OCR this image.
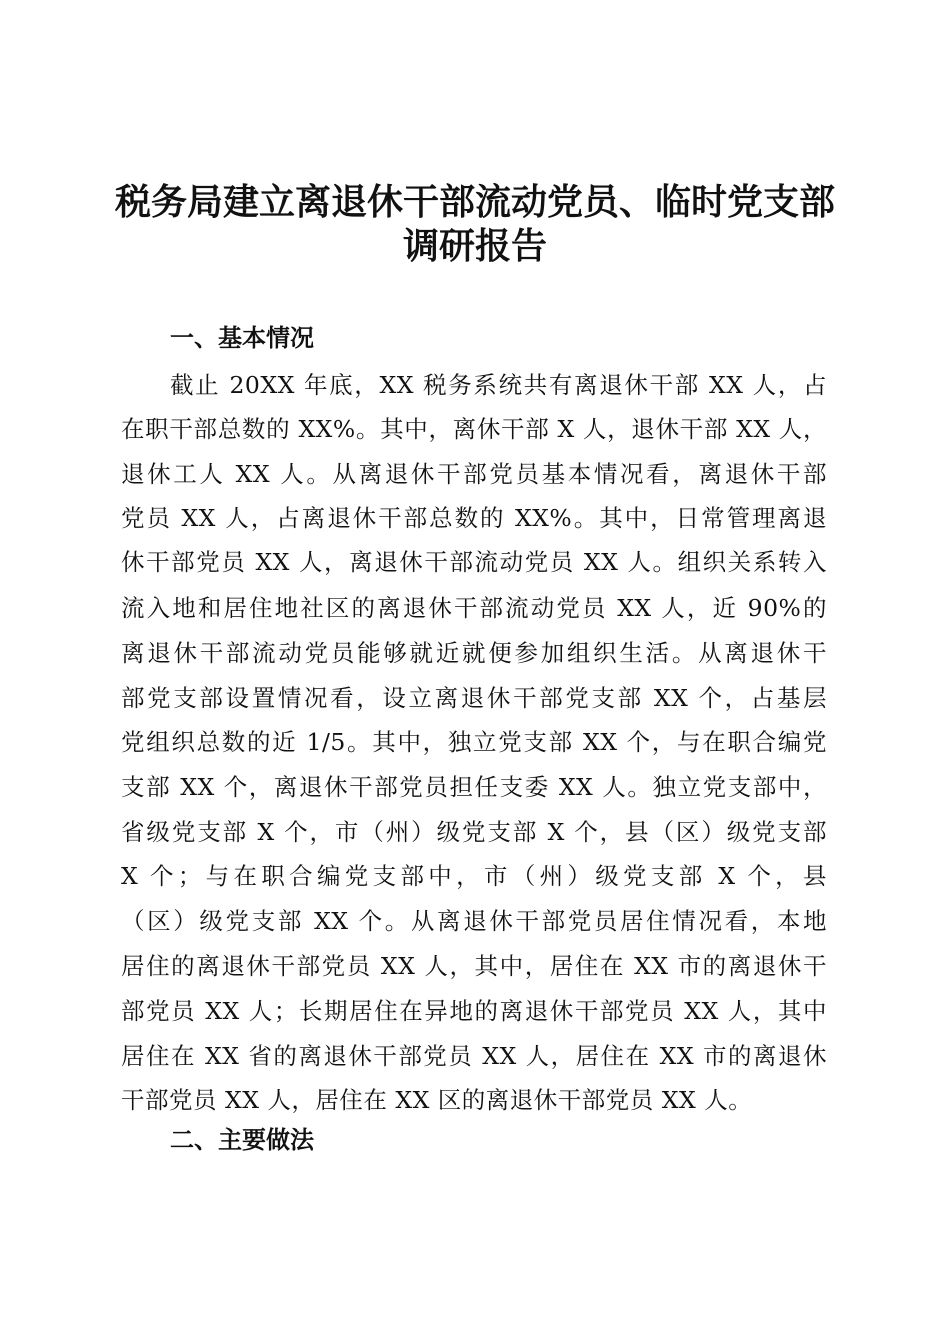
税务局建立离退休干部流动党员、临时党支部
调研报告
一、基本情况

截止 20XX 年底，XX 税务系统共有离退休干部 XX 人，占

在职干部总数的 XX%。其中，离休干部 X 人，退休干部 XX 人，

退休工人 XX 人。从离退休干部党员基本情况看，离退休干部

党员 XX 人，占离退休干部总数的 XX%。其中，日常管理离退

休干部党员 XX 人，离退休干部流动党员 XX 人。组织关系转入

流入地和居住地社区的离退休干部流动党员 XX 人，近 90%的

离退休干部流动党员能够就近就便参加组织生活。从离退休干

部党支部设置情况看，设立离退休干部党支部 XX 个，占基层

党组织总数的近 1/5。其中，独立党支部 XX 个，与在职合编党

支部 XX 个，离退休干部党员担任支委 XX 人。独立党支部中，

省级党支部 X 个，市（州）级党支部 X 个，县（区）级党支部

X 个；与在职合编党支部中，市（州）级党支部 X 个，县

（区）级党支部 XX 个。从离退休干部党员居住情况看，本地

居住的离退休干部党员 XX 人，其中，居住在 XX 市的离退休干

部党员 XX 人；长期居住在异地的离退休干部党员 XX 人，其中

居住在 XX 省的离退休干部党员 XX 人，居住在 XX 市的离退休

干部党员 XX 人，居住在 XX 区的离退休干部党员 XX 人。

二、主要做法
